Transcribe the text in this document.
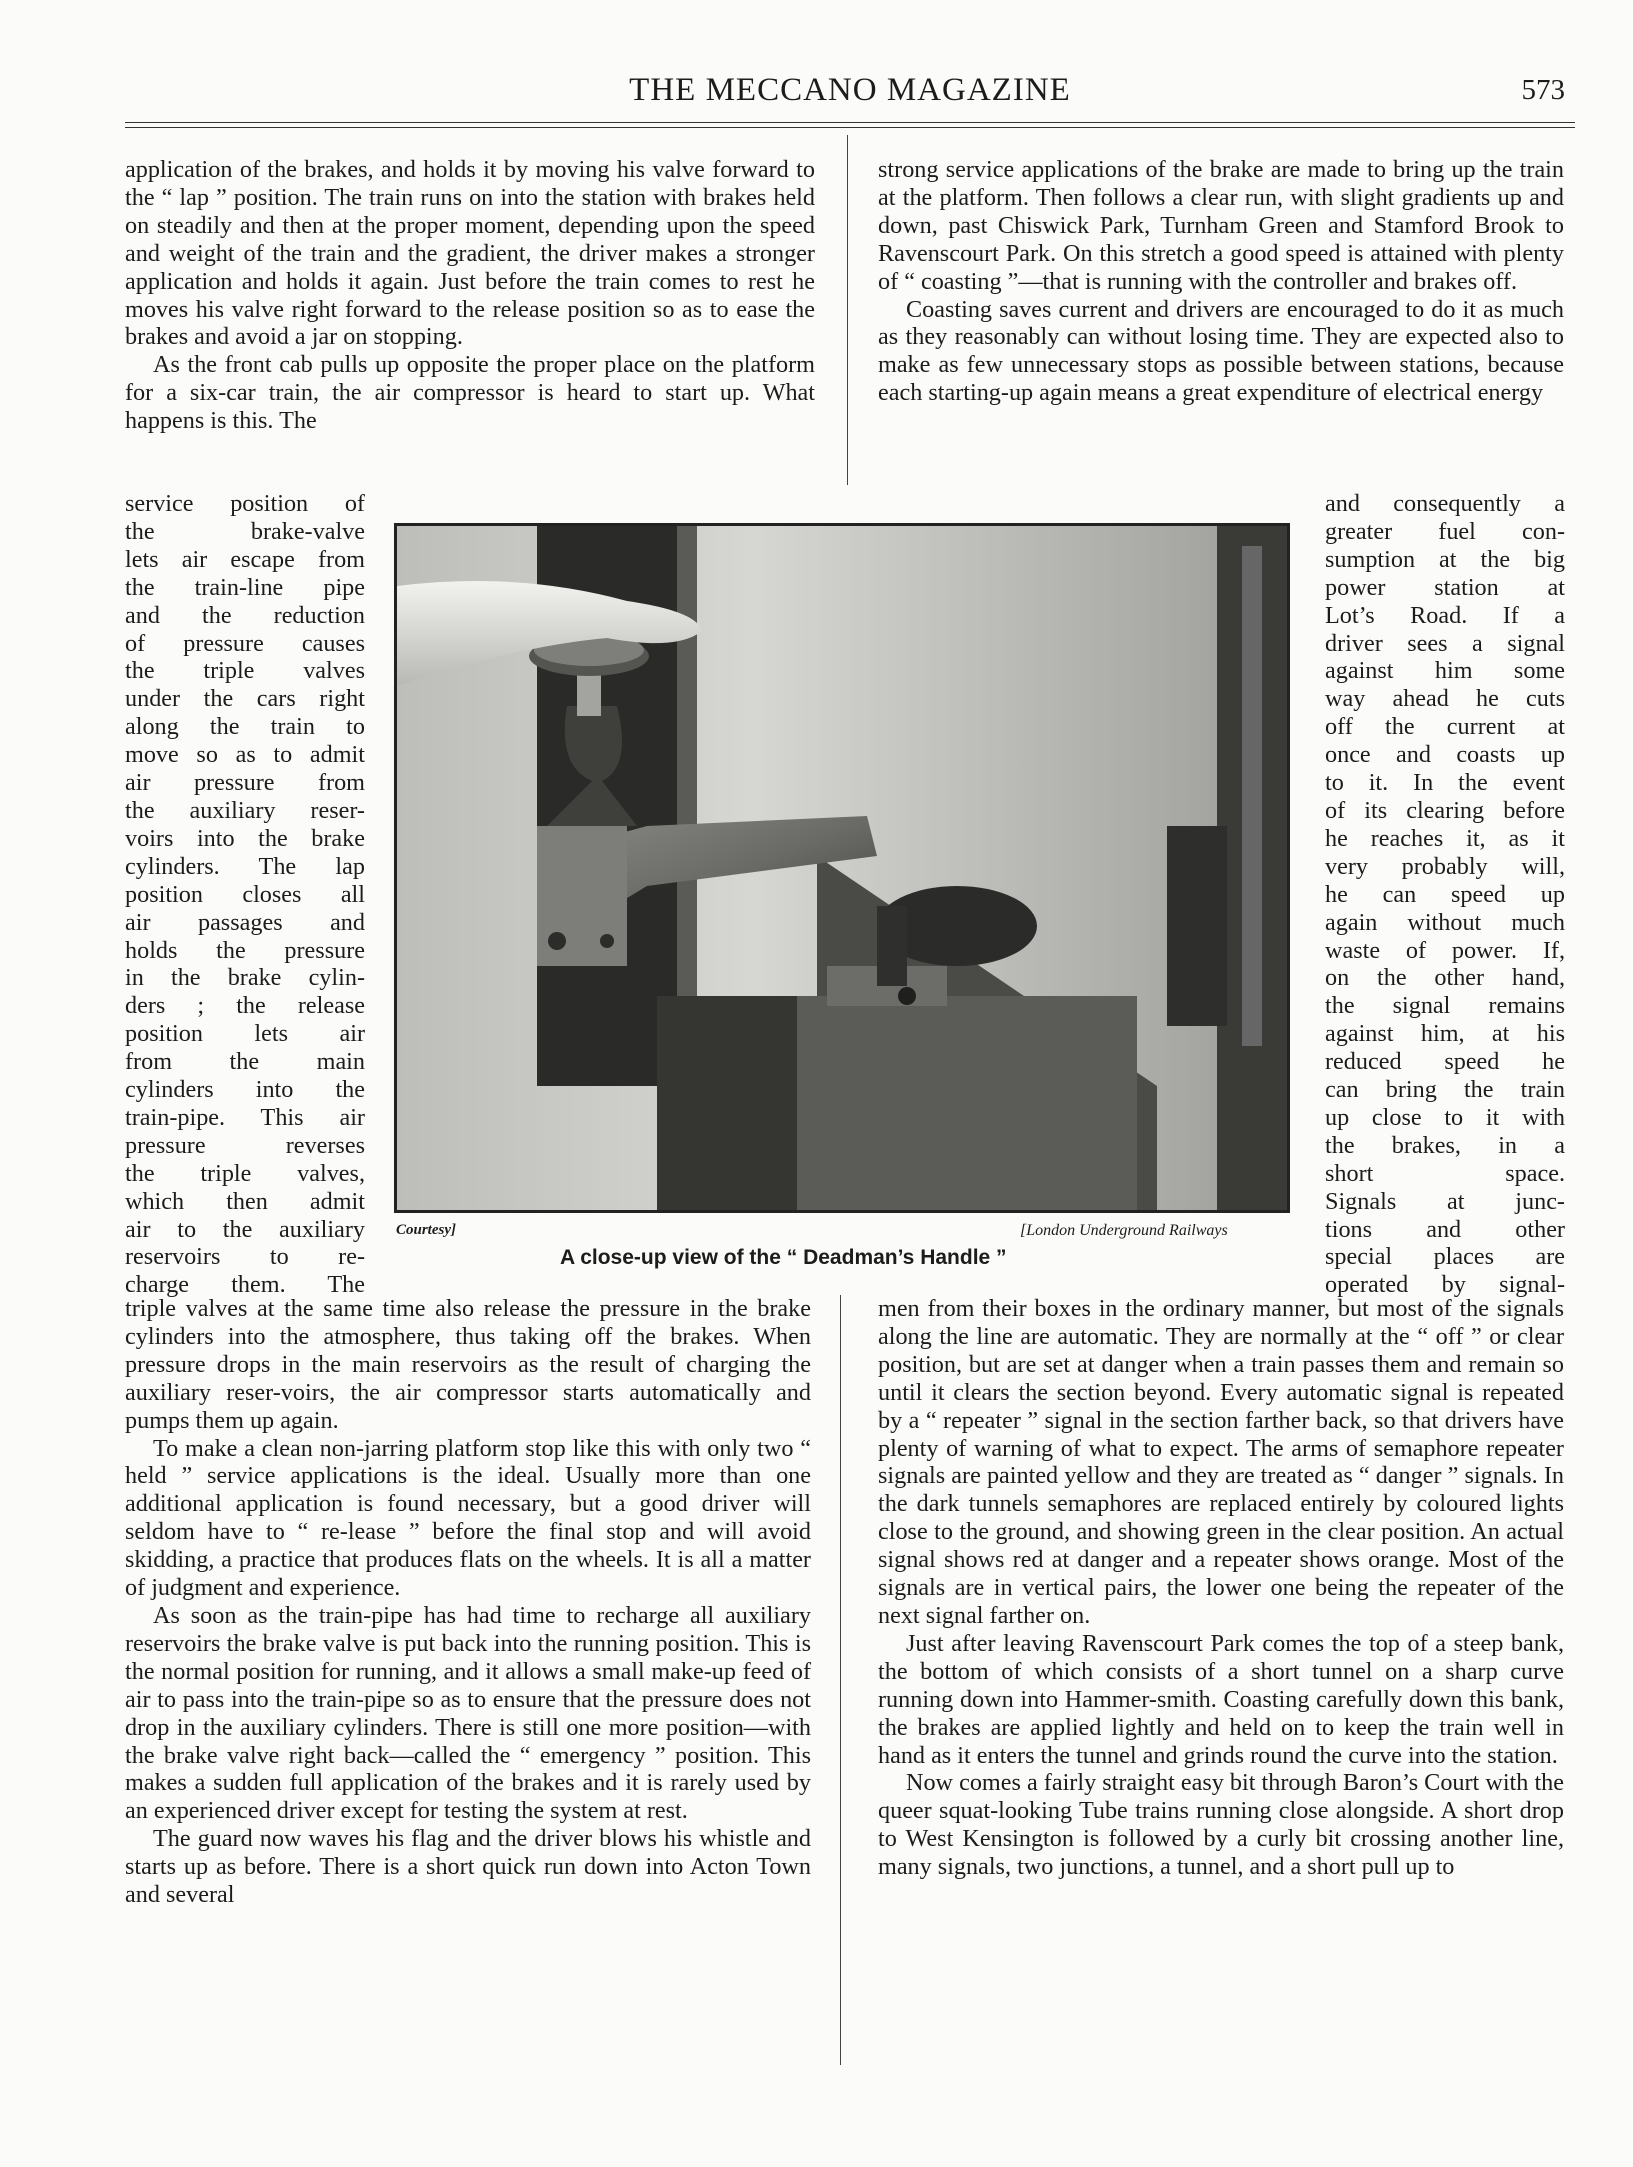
THE MECCANO MAGAZINE	573

application of the brakes, and holds it by moving his valve forward to the “ lap ” position. The train runs on into the station with brakes held on steadily and then at the proper moment, depending upon the speed and weight of the train and the gradient, the driver makes a stronger application and holds it again. Just before the train comes to rest he moves his valve right forward to the release position so as to ease the brakes and avoid a jar on stopping.

As the front cab pulls up opposite the proper place on the platform for a six-car train, the air compressor is heard to start up. What happens is this. The

service position of
the brake-valve
lets air escape from
the train-line pipe
and the reduction
of pressure causes
the triple valves
under the cars right
along the train to
move so as to admit
air pressure from
the auxiliary reser-
voirs into the brake
cylinders. The lap
position closes all
air passages and
holds the pressure
in the brake cylin-
ders ; the release
position lets air
from the main
cylinders into the
train-pipe. This air
pressure reverses
the triple valves,
which then admit
air to the auxiliary
reservoirs to re-
charge them. The

triple valves at the same time also release the pressure in the brake cylinders into the atmosphere, thus taking off the brakes. When pressure drops in the main reservoirs as the result of charging the auxiliary reser-voirs, the air compressor starts automatically and pumps them up again.

To make a clean non-jarring platform stop like this with only two “ held ” service applications is the ideal. Usually more than one additional application is found necessary, but a good driver will seldom have to “ re-lease ” before the final stop and will avoid skidding, a practice that produces flats on the wheels. It is all a matter of judgment and experience.

As soon as the train-pipe has had time to recharge all auxiliary reservoirs the brake valve is put back into the running position. This is the normal position for running, and it allows a small make-up feed of air to pass into the train-pipe so as to ensure that the pressure does not drop in the auxiliary cylinders. There is still one more position—with the brake valve right back—called the “ emergency ” position. This makes a sudden full application of the brakes and it is rarely used by an experienced driver except for testing the system at rest.

The guard now waves his flag and the driver blows his whistle and starts up as before. There is a short quick run down into Acton Town and several

strong service applications of the brake are made to bring up the train at the platform. Then follows a clear run, with slight gradients up and down, past Chiswick Park, Turnham Green and Stamford Brook to Ravenscourt Park. On this stretch a good speed is attained with plenty of “ coasting ”—that is running with the controller and brakes off.

Coasting saves current and drivers are encouraged to do it as much as they reasonably can without losing time. They are expected also to make as few unnecessary stops as possible between stations, because each starting-up again means a great expenditure of electrical energy

and consequently a
greater fuel con-
sumption at the big
power station at
Lot’s Road. If a
driver sees a signal
against him some
way ahead he cuts
off the current at
once and coasts up
to it. In the event
of its clearing before
he reaches it, as it
very probably will,
he can speed up
again without much
waste of power. If,
on the other hand,
the signal remains
against him, at his
reduced speed he
can bring the train
up close to it with
the brakes, in a
short space.
Signals at junc-
tions and other
special places are
operated by signal-

men from their boxes in the ordinary manner, but most of the signals along the line are automatic. They are normally at the “ off ” or clear position, but are set at danger when a train passes them and remain so until it clears the section beyond. Every automatic signal is repeated by a “ repeater ” signal in the section farther back, so that drivers have plenty of warning of what to expect. The arms of semaphore repeater signals are painted yellow and they are treated as “ danger ” signals. In the dark tunnels semaphores are replaced entirely by coloured lights close to the ground, and showing green in the clear position. An actual signal shows red at danger and a repeater shows orange. Most of the signals are in vertical pairs, the lower one being the repeater of the next signal farther on.

Just after leaving Ravenscourt Park comes the top of a steep bank, the bottom of which consists of a short tunnel on a sharp curve running down into Hammer-smith. Coasting carefully down this bank, the brakes are applied lightly and held on to keep the train well in hand as it enters the tunnel and grinds round the curve into the station.

Now comes a fairly straight easy bit through Baron’s Court with the queer squat-looking Tube trains running close alongside. A short drop to West Kensington is followed by a curly bit crossing another line, many signals, two junctions, a tunnel, and a short pull up to

Courtesy]	[London Underground Railways
A close-up view of the “ Deadman’s Handle ”
